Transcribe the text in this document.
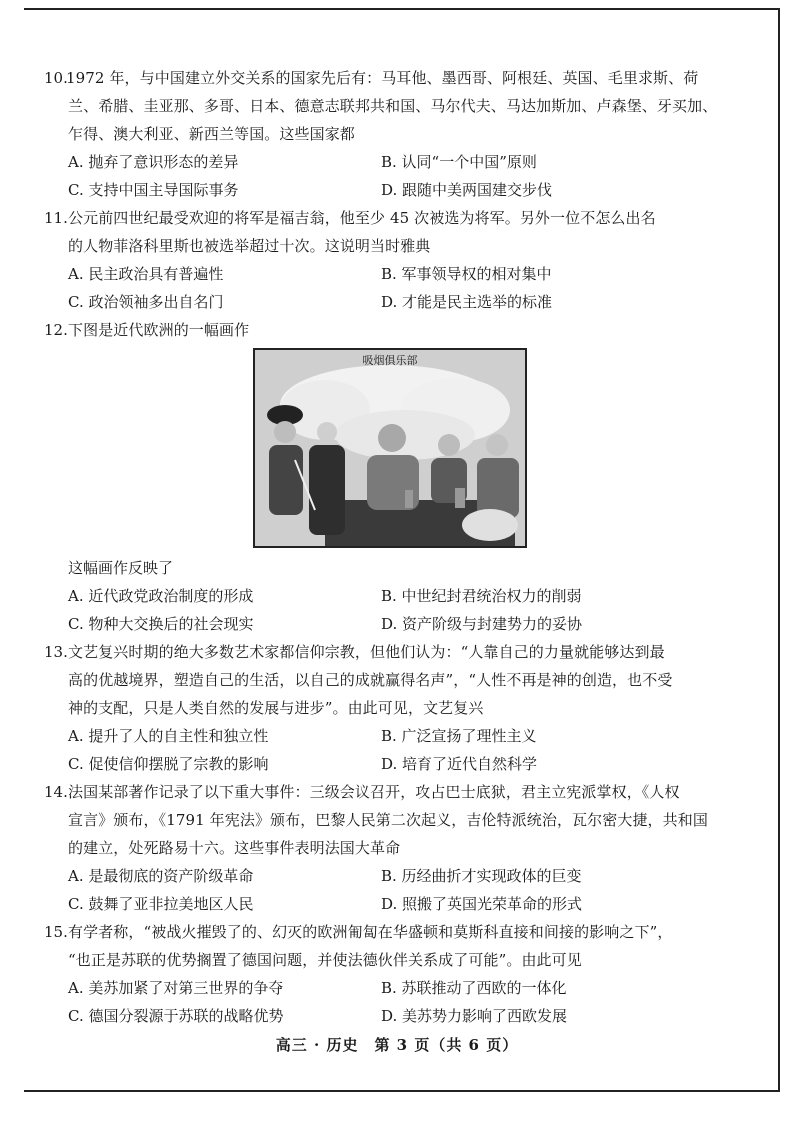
10.
1972 年，与中国建立外交关系的国家先后有：马耳他、墨西哥、阿根廷、英国、毛里求斯、荷
兰、希腊、圭亚那、多哥、日本、德意志联邦共和国、马尔代夫、马达加斯加、卢森堡、牙买加、
乍得、澳大利亚、新西兰等国。这些国家都
A. 抛弃了意识形态的差异	B. 认同“一个中国”原则
C. 支持中国主导国际事务	D. 跟随中美两国建交步伐
11. 公元前四世纪最受欢迎的将军是福吉翁，他至少 45 次被选为将军。另外一位不怎么出名
的人物菲洛科里斯也被选举超过十次。这说明当时雅典
A. 民主政治具有普遍性	B. 军事领导权的相对集中
C. 政治领袖多出自名门	D. 才能是民主选举的标准
12. 下图是近代欧洲的一幅画作
吸烟俱乐部
这幅画作反映了
A. 近代政党政治制度的形成	B. 中世纪封君统治权力的削弱
C. 物种大交换后的社会现实	D. 资产阶级与封建势力的妥协
13. 文艺复兴时期的绝大多数艺术家都信仰宗教，但他们认为：“人靠自己的力量就能够达到最
高的优越境界，塑造自己的生活，以自己的成就赢得名声”，“人性不再是神的创造，也不受
神的支配，只是人类自然的发展与进步”。由此可见，文艺复兴
A. 提升了人的自主性和独立性	B. 广泛宣扬了理性主义
C. 促使信仰摆脱了宗教的影响	D. 培育了近代自然科学
14. 法国某部著作记录了以下重大事件：三级会议召开，攻占巴士底狱，君主立宪派掌权，《人权
宣言》颁布，《1791 年宪法》颁布，巴黎人民第二次起义，吉伦特派统治，瓦尔密大捷，共和国
的建立，处死路易十六。这些事件表明法国大革命
A. 是最彻底的资产阶级革命	B. 历经曲折才实现政体的巨变
C. 鼓舞了亚非拉美地区人民	D. 照搬了英国光荣革命的形式
15. 有学者称，“被战火摧毁了的、幻灭的欧洲匍匐在华盛顿和莫斯科直接和间接的影响之下”，
“也正是苏联的优势搁置了德国问题，并使法德伙伴关系成了可能”。由此可见
A. 美苏加紧了对第三世界的争夺	B. 苏联推动了西欧的一体化
C. 德国分裂源于苏联的战略优势	D. 美苏势力影响了西欧发展
高三 · 历史　第 3 页（共 6 页）
